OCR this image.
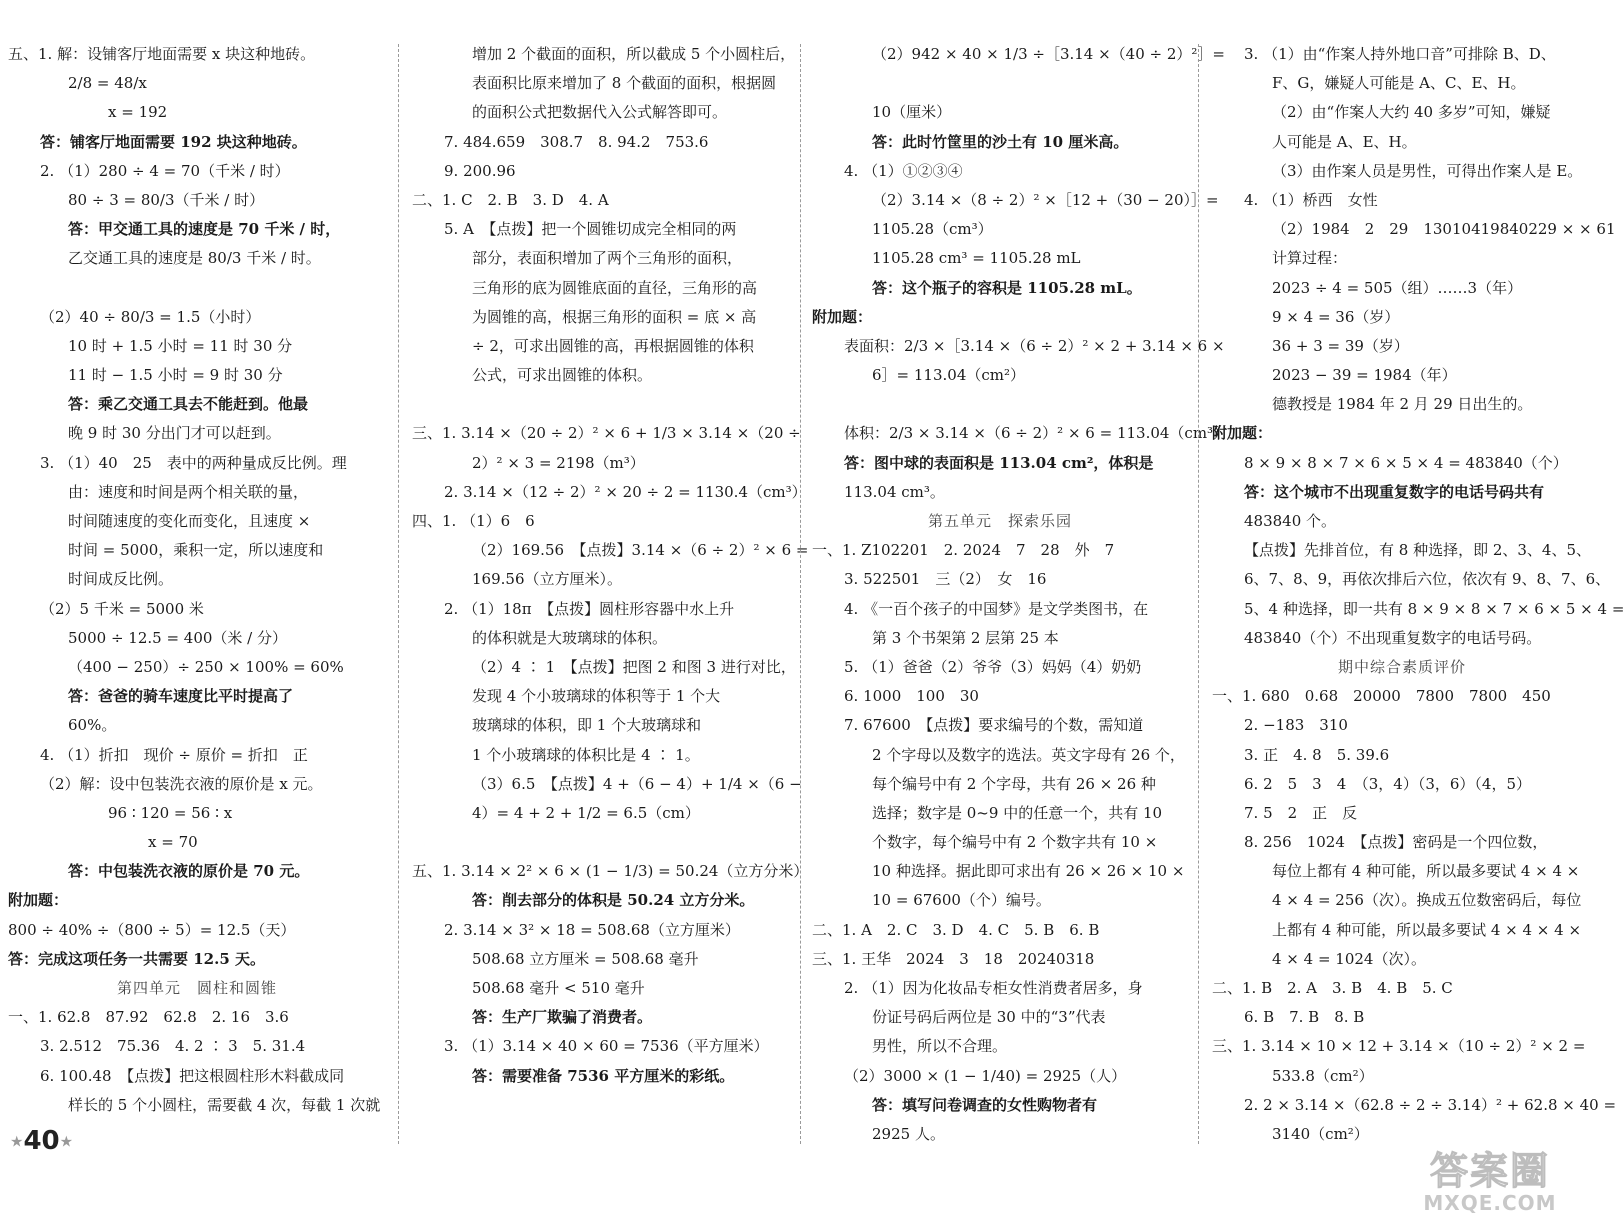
五、1. 解：设铺客厅地面需要 x 块这种地砖。
2/8 = 48/x
x = 192
答：铺客厅地面需要 192 块这种地砖。
2. （1）280 ÷ 4 = 70（千米 / 时）
80 ÷ 3 = 80/3（千米 / 时）
答：甲交通工具的速度是 70 千米 / 时，
乙交通工具的速度是 80/3 千米 / 时。
（2）40 ÷ 80/3 = 1.5（小时）
10 时 + 1.5 小时 = 11 时 30 分
11 时 − 1.5 小时 = 9 时 30 分
答：乘乙交通工具去不能赶到。他最
晚 9 时 30 分出门才可以赶到。
3. （1）40　25　表中的两种量成反比例。理
由：速度和时间是两个相关联的量，
时间随速度的变化而变化，且速度 ×
时间 = 5000，乘积一定，所以速度和
时间成反比例。
（2）5 千米 = 5000 米
5000 ÷ 12.5 = 400（米 / 分）
（400 − 250）÷ 250 × 100% = 60%
答：爸爸的骑车速度比平时提高了
60%。
4. （1）折扣　现价 ÷ 原价 = 折扣　正
（2）解：设中包装洗衣液的原价是 x 元。
96 ∶ 120 = 56 ∶ x
x = 70
答：中包装洗衣液的原价是 70 元。
附加题：
800 ÷ 40% ÷（800 ÷ 5）= 12.5（天）
答：完成这项任务一共需要 12.5 天。
第四单元　圆柱和圆锥
一、1. 62.8　87.92　62.8　2. 16　3.6
3. 2.512　75.36　4. 2 ∶ 3　5. 31.4
6. 100.48　【点拨】把这根圆柱形木料截成同
样长的 5 个小圆柱，需要截 4 次，每截 1 次就
增加 2 个截面的面积，所以截成 5 个小圆柱后，
表面积比原来增加了 8 个截面的面积，根据圆
的面积公式把数据代入公式解答即可。
7. 484.659　308.7　8. 94.2　753.6
9. 200.96
二、1. C　2. B　3. D　4. A
5. A　【点拨】把一个圆锥切成完全相同的两
部分，表面积增加了两个三角形的面积，
三角形的底为圆锥底面的直径，三角形的高
为圆锥的高，根据三角形的面积 = 底 × 高
÷ 2，可求出圆锥的高，再根据圆锥的体积
公式，可求出圆锥的体积。
三、1. 3.14 ×（20 ÷ 2）² × 6 + 1/3 × 3.14 ×（20 ÷
2）² × 3 = 2198（m³）
2. 3.14 ×（12 ÷ 2）² × 20 ÷ 2 = 1130.4（cm³）
四、1. （1）6　6
（2）169.56　【点拨】3.14 ×（6 ÷ 2）² × 6 =
169.56（立方厘米）。
2. （1）18π　【点拨】圆柱形容器中水上升
的体积就是大玻璃球的体积。
（2）4 ∶ 1　【点拨】把图 2 和图 3 进行对比，
发现 4 个小玻璃球的体积等于 1 个大
玻璃球的体积，即 1 个大玻璃球和
1 个小玻璃球的体积比是 4 ∶ 1。
（3）6.5　【点拨】4 +（6 − 4）+ 1/4 ×（6 −
4）= 4 + 2 + 1/2 = 6.5（cm）
五、1. 3.14 × 2² × 6 × (1 − 1/3) = 50.24（立方分米）
答：削去部分的体积是 50.24 立方分米。
2. 3.14 × 3² × 18 = 508.68（立方厘米）
508.68 立方厘米 = 508.68 毫升
508.68 毫升 < 510 毫升
答：生产厂欺骗了消费者。
3. （1）3.14 × 40 × 60 = 7536（平方厘米）
答：需要准备 7536 平方厘米的彩纸。
（2）942 × 40 × 1/3 ÷［3.14 ×（40 ÷ 2）²］=
10（厘米）
答：此时竹筐里的沙土有 10 厘米高。
4. （1）①②③④
（2）3.14 ×（8 ÷ 2）² ×［12 +（30 − 20）］=
1105.28（cm³）
1105.28 cm³ = 1105.28 mL
答：这个瓶子的容积是 1105.28 mL。
附加题：
表面积：2/3 ×［3.14 ×（6 ÷ 2）² × 2 + 3.14 × 6 ×
6］= 113.04（cm²）
体积：2/3 × 3.14 ×（6 ÷ 2）² × 6 = 113.04（cm³）
答：图中球的表面积是 113.04 cm²，体积是
113.04 cm³。
第五单元　探索乐园
一、1. Z102201　2. 2024　7　28　外　7
3. 522501　三（2）　女　16
4. 《一百个孩子的中国梦》是文学类图书，在
第 3 个书架第 2 层第 25 本
5. （1）爸爸（2）爷爷（3）妈妈（4）奶奶
6. 1000　100　30
7. 67600　【点拨】要求编号的个数，需知道
2 个字母以及数字的选法。英文字母有 26 个，
每个编号中有 2 个字母，共有 26 × 26 种
选择；数字是 0~9 中的任意一个，共有 10
个数字，每个编号中有 2 个数字共有 10 ×
10 种选择。据此即可求出有 26 × 26 × 10 ×
10 = 67600（个）编号。
二、1. A　2. C　3. D　4. C　5. B　6. B
三、1. 王华　2024　3　18　20240318
2. （1）因为化妆品专柜女性消费者居多，身
份证号码后两位是 30 中的“3”代表
男性，所以不合理。
（2）3000 × (1 − 1/40) = 2925（人）
答：填写问卷调查的女性购物者有
2925 人。
3. （1）由“作案人持外地口音”可排除 B、D、
F、G，嫌疑人可能是 A、C、E、H。
（2）由“作案人大约 40 多岁”可知，嫌疑
人可能是 A、E、H。
（3）由作案人员是男性，可得出作案人是 E。
4. （1）桥西　女性
（2）1984　2　29　13010419840229 × × 61
计算过程：
2023 ÷ 4 = 505（组）……3（年）
9 × 4 = 36（岁）
36 + 3 = 39（岁）
2023 − 39 = 1984（年）
德教授是 1984 年 2 月 29 日出生的。
附加题：
8 × 9 × 8 × 7 × 6 × 5 × 4 = 483840（个）
答：这个城市不出现重复数字的电话号码共有
483840 个。
【点拨】先排首位，有 8 种选择，即 2、3、4、5、
6、7、8、9，再依次排后六位，依次有 9、8、7、6、
5、4 种选择，即一共有 8 × 9 × 8 × 7 × 6 × 5 × 4 =
483840（个）不出现重复数字的电话号码。
期中综合素质评价
一、1. 680　0.68　20000　7800　7800　450
2. −183　310
3. 正　4. 8　5. 39.6
6. 2　5　3　4　（3，4）（3，6）（4，5）
7. 5　2　正　反
8. 256　1024　【点拨】密码是一个四位数，
每位上都有 4 种可能，所以最多要试 4 × 4 ×
4 × 4 = 256（次）。换成五位数密码后，每位
上都有 4 种可能，所以最多要试 4 × 4 × 4 ×
4 × 4 = 1024（次）。
二、1. B　2. A　3. B　4. B　5. C
6. B　7. B　8. B
三、1. 3.14 × 10 × 12 + 3.14 ×（10 ÷ 2）² × 2 =
533.8（cm²）
2. 2 × 3.14 ×（62.8 ÷ 2 ÷ 3.14）² + 62.8 × 40 =
3140（cm²）
★40★
答案圈
MXQE.COM
